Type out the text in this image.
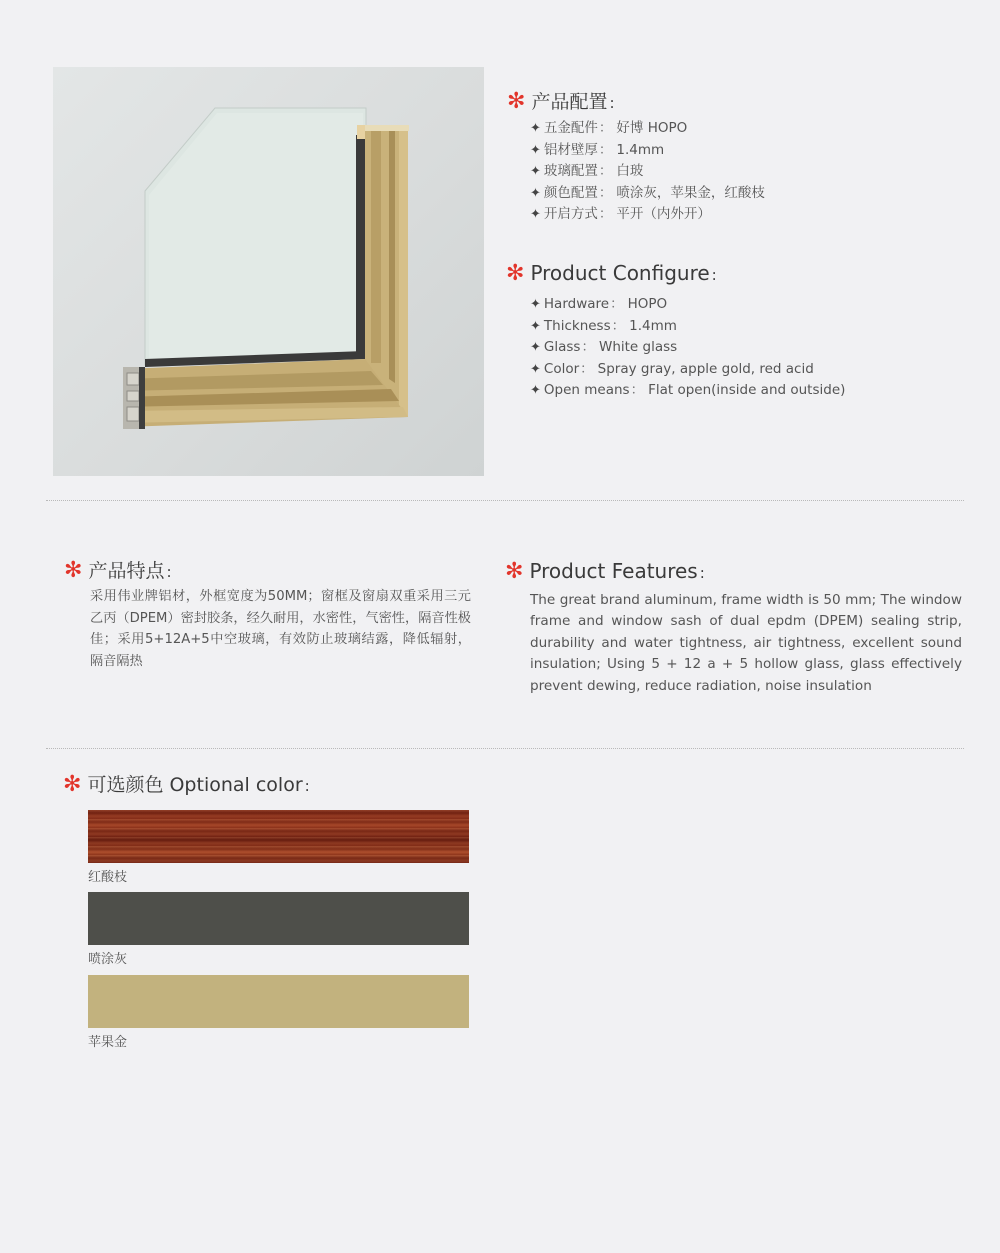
✻ 产品配置 :
✦ 五金配件： 好博 HOPO
✦ 铝材壁厚： 1.4mm
✦ 玻璃配置： 白玻
✦ 颜色配置： 喷涂灰，苹果金，红酸枝
✦ 开启方式： 平开（内外开）
✻ Product Configure :
✦ Hardware： HOPO
✦ Thickness： 1.4mm
✦ Glass： White glass
✦ Color： Spray gray, apple gold, red acid
✦ Open means： Flat open(inside and outside)
✻ 产品特点 :
采用伟业牌铝材，外框宽度为50MM；窗框及窗扇双重采用三元乙丙（DPEM）密封胶条，经久耐用，水密性，气密性，隔音性极佳；采用5+12A+5中空玻璃，有效防止玻璃结露，降低辐射，隔音隔热
✻ Product Features :
The great brand aluminum, frame width is 50 mm; The window frame and window sash of dual epdm (DPEM) sealing strip, durability and water tightness, air tightness, excellent sound insulation; Using 5 + 12 a + 5 hollow glass, glass effectively prevent dewing, reduce radiation, noise insulation
✻ 可选颜色 Optional color :
红酸枝
喷涂灰
苹果金
